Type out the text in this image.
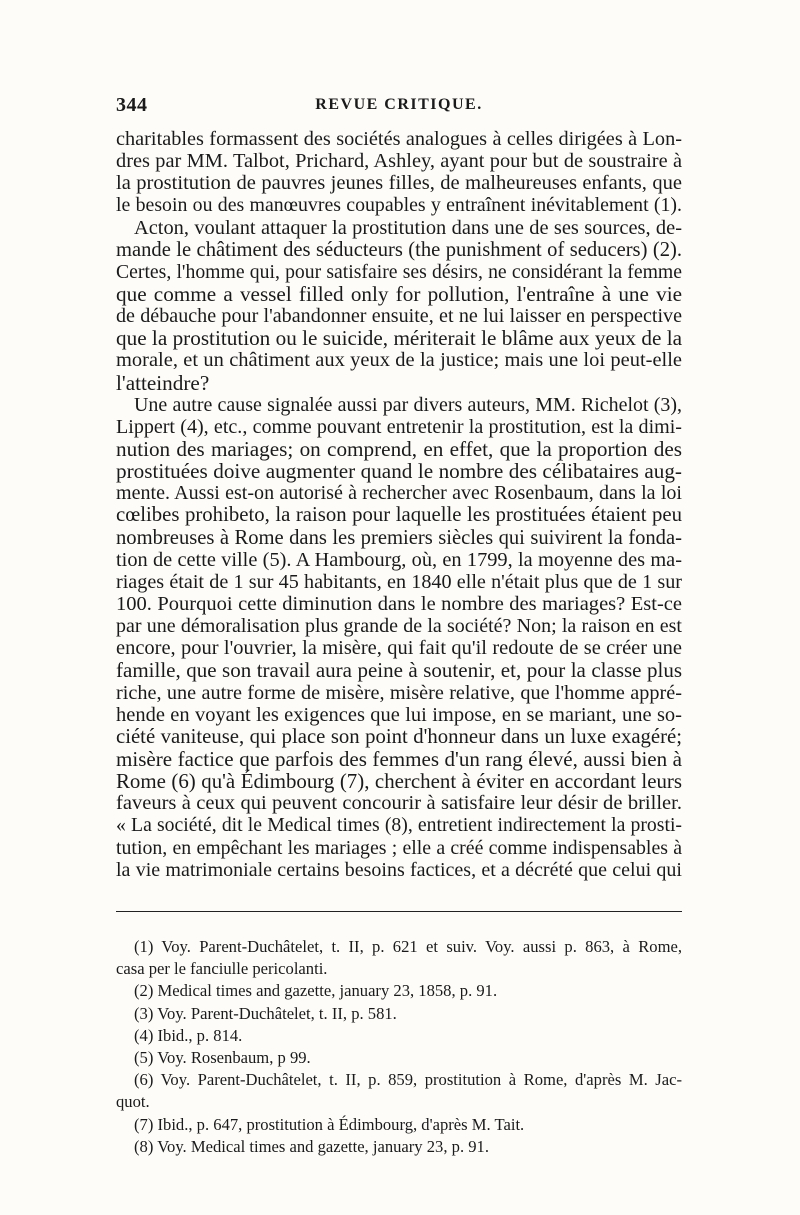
344	REVUE CRITIQUE.
charitables formassent des sociétés analogues à celles dirigées à Lon-
dres par MM. Talbot, Prichard, Ashley, ayant pour but de soustraire à
la prostitution de pauvres jeunes filles, de malheureuses enfants, que
le besoin ou des manœuvres coupables y entraînent inévitablement (1).
Acton, voulant attaquer la prostitution dans une de ses sources, de-
mande le châtiment des séducteurs (the punishment of seducers) (2).
Certes, l'homme qui, pour satisfaire ses désirs, ne considérant la femme
que comme a vessel filled only for pollution, l'entraîne à une vie
de débauche pour l'abandonner ensuite, et ne lui laisser en perspective
que la prostitution ou le suicide, mériterait le blâme aux yeux de la
morale, et un châtiment aux yeux de la justice; mais une loi peut-elle
l'atteindre?
Une autre cause signalée aussi par divers auteurs, MM. Richelot (3),
Lippert (4), etc., comme pouvant entretenir la prostitution, est la dimi-
nution des mariages; on comprend, en effet, que la proportion des
prostituées doive augmenter quand le nombre des célibataires aug-
mente. Aussi est-on autorisé à rechercher avec Rosenbaum, dans la loi
cœlibes prohibeto, la raison pour laquelle les prostituées étaient peu
nombreuses à Rome dans les premiers siècles qui suivirent la fonda-
tion de cette ville (5). A Hambourg, où, en 1799, la moyenne des ma-
riages était de 1 sur 45 habitants, en 1840 elle n'était plus que de 1 sur
100. Pourquoi cette diminution dans le nombre des mariages? Est-ce
par une démoralisation plus grande de la société? Non; la raison en est
encore, pour l'ouvrier, la misère, qui fait qu'il redoute de se créer une
famille, que son travail aura peine à soutenir, et, pour la classe plus
riche, une autre forme de misère, misère relative, que l'homme appré-
hende en voyant les exigences que lui impose, en se mariant, une so-
ciété vaniteuse, qui place son point d'honneur dans un luxe exagéré;
misère factice que parfois des femmes d'un rang élevé, aussi bien à
Rome (6) qu'à Édimbourg (7), cherchent à éviter en accordant leurs
faveurs à ceux qui peuvent concourir à satisfaire leur désir de briller.
« La société, dit le Medical times (8), entretient indirectement la prosti-
tution, en empêchant les mariages ; elle a créé comme indispensables à
la vie matrimoniale certains besoins factices, et a décrété que celui qui
(1) Voy. Parent-Duchâtelet, t. II, p. 621 et suiv. Voy. aussi p. 863, à Rome,
casa per le fanciulle pericolanti.
(2) Medical times and gazette, january 23, 1858, p. 91.
(3) Voy. Parent-Duchâtelet, t. II, p. 581.
(4) Ibid., p. 814.
(5) Voy. Rosenbaum, p 99.
(6) Voy. Parent-Duchâtelet, t. II, p. 859, prostitution à Rome, d'après M. Jac-
quot.
(7) Ibid., p. 647, prostitution à Édimbourg, d'après M. Tait.
(8) Voy. Medical times and gazette, january 23, p. 91.
